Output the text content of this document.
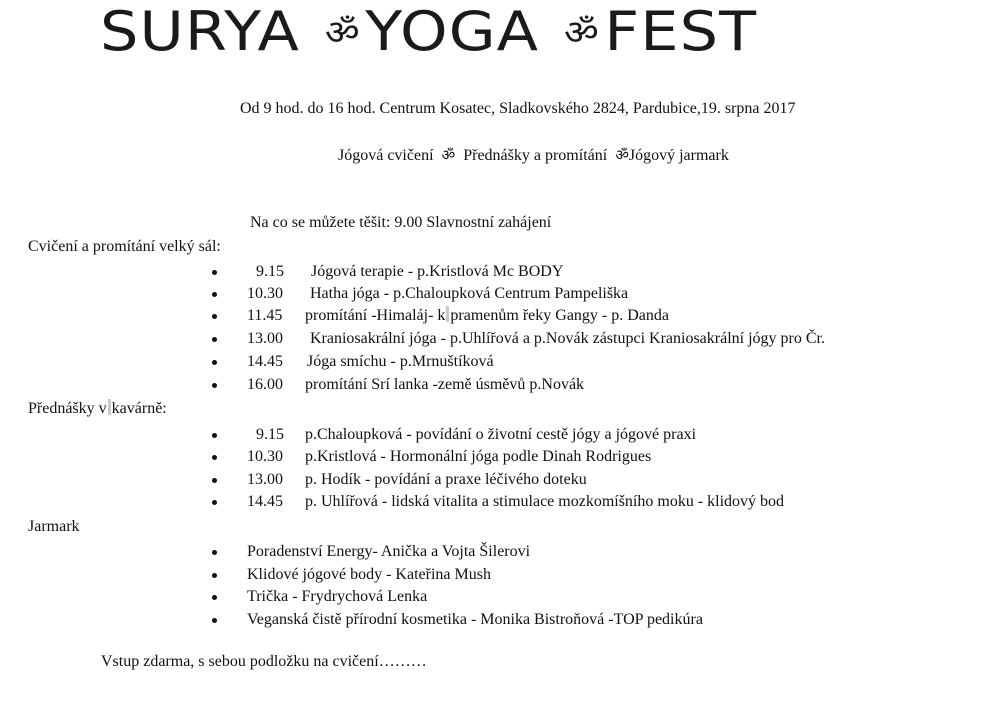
SURYA ॐYOGA ॐFEST
Od 9 hod. do 16 hod. Centrum Kosatec, Sladkovského 2824, Pardubice,19. srpna 2017
Jógová cvičení ॐ Přednášky a promítání ॐJógový jarmark
Na co se můžete těšit: 9.00 Slavnostní zahájení
Cvičení a promítání velký sál:
9.15 Jógová terapie - p.Kristlová Mc BODY
10.30 Hatha jóga - p.Chaloupková Centrum Pampeliška
11.45 promítání -Himaláj- k pramenům řeky Gangy - p. Danda
13.00 Kraniosakrální jóga - p.Uhlířová a p.Novák zástupci Kraniosakrální jógy pro Čr.
14.45 Jóga smíchu - p.Mrnuštíková
16.00 promítání Srí lanka -země úsměvů p.Novák
Přednášky v kavárně:
9.15 p.Chaloupková - povídání o životní cestě jógy a jógové praxi
10.30 p.Kristlová - Hormonální jóga podle Dinah Rodrigues
13.00 p. Hodík - povídání a praxe léčivého doteku
14.45 p. Uhlířová - lidská vitalita a stimulace mozkomíšního moku - klidový bod
Jarmark
Poradenství Energy- Anička a Vojta Šilerovi
Klidové jógové body - Kateřina Mush
Trička - Frydrychová Lenka
Veganská čistě přírodní kosmetika - Monika Bistroňová -TOP pedikúra
Vstup zdarma, s sebou podložku na cvičení………
